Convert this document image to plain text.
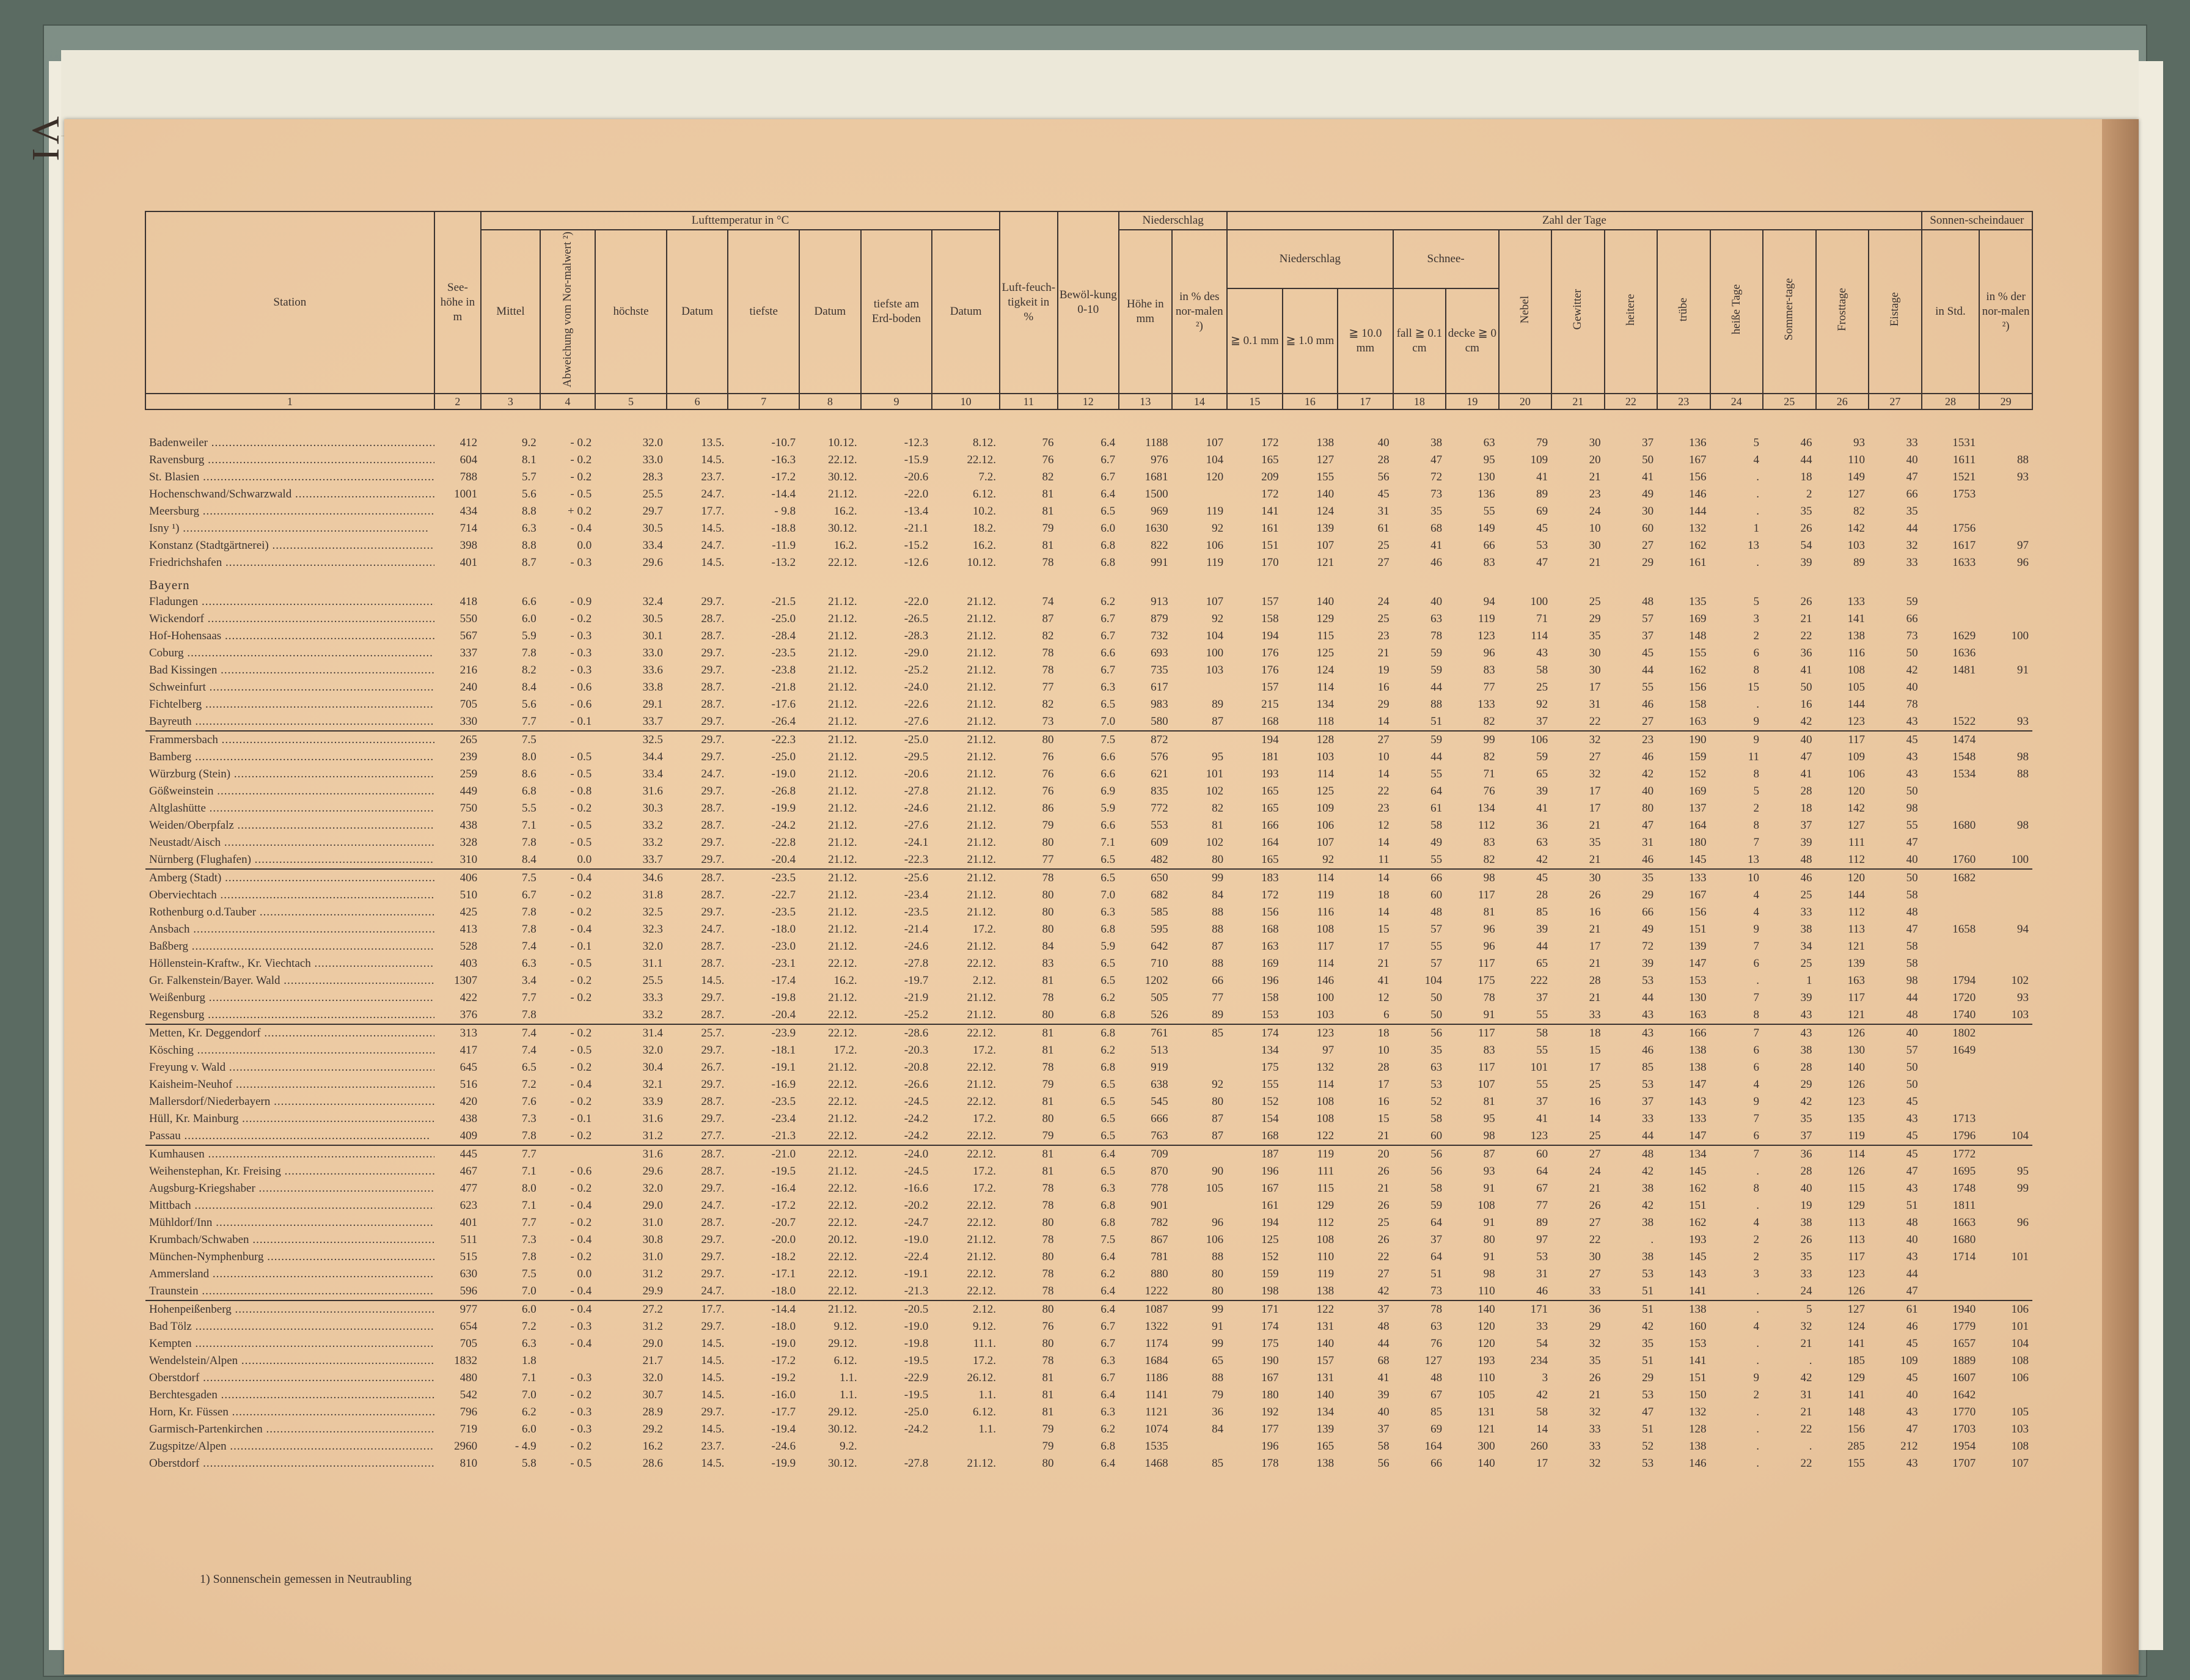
VI
Station	See-höhe in m	Lufttemperatur in °C								Luft-feuch-tigkeit in %	Bewöl-kung 0-10	Niederschlag		Zahl der Tage													Sonnen-scheindauer	
		Mittel	Abweichung vom Nor-malwert ²)	höchste	Datum	tiefste	Datum	tiefste am Erd-boden	Datum			Höhe in mm	in % des nor-malen ²)	Niederschlag			Schnee-		Nebel	Gewitter	heitere	trübe	heiße Tage	Sommer-tage	Frosttage	Eistage	in Std.	in % der nor-malen ²)
														≧ 0.1 mm	≧ 1.0 mm	≧ 10.0 mm	fall ≧ 0.1 cm	decke ≧ 0 cm										
1	2	3	4	5	6	7	8	9	10	11	12	13	14	15	16	17	18	19	20	21	22	23	24	25	26	27	28	29

Badenweiler .....	412	9.2	- 0.2	32.0	13.5.	-10.7	10.12.	-12.3	8.12.	76	6.4	1188	107	172	138	40	38	63	79	30	37	136	5	46	93	33	1531	
Ravensburg .....	604	8.1	- 0.2	33.0	14.5.	-16.3	22.12.	-15.9	22.12.	76	6.7	976	104	165	127	28	47	95	109	20	50	167	4	44	110	40	1611	88
St. Blasien .....	788	5.7	- 0.2	28.3	23.7.	-17.2	30.12.	-20.6	7.2.	82	6.7	1681	120	209	155	56	72	130	41	21	41	156	.	18	149	47	1521	93
Hochenschwand/Schwarzwald .....	1001	5.6	- 0.5	25.5	24.7.	-14.4	21.12.	-22.0	6.12.	81	6.4	1500		172	140	45	73	136	89	23	49	146	.	2	127	66	1753	
Meersburg .....	434	8.8	+ 0.2	29.7	17.7.	- 9.8	16.2.	-13.4	10.2.	81	6.5	969	119	141	124	31	35	55	69	24	30	144	.	35	82	35		
Isny ¹) .....	714	6.3	- 0.4	30.5	14.5.	-18.8	30.12.	-21.1	18.2.	79	6.0	1630	92	161	139	61	68	149	45	10	60	132	1	26	142	44	1756	
Konstanz (Stadtgärtnerei) .....	398	8.8	0.0	33.4	24.7.	-11.9	16.2.	-15.2	16.2.	81	6.8	822	106	151	107	25	41	66	53	30	27	162	13	54	103	32	1617	97
Friedrichshafen .....	401	8.7	- 0.3	29.6	14.5.	-13.2	22.12.	-12.6	10.12.	78	6.8	991	119	170	121	27	46	83	47	21	29	161	.	39	89	33	1633	96
Bayern																												
Fladungen .....	418	6.6	- 0.9	32.4	29.7.	-21.5	21.12.	-22.0	21.12.	74	6.2	913	107	157	140	24	40	94	100	25	48	135	5	26	133	59		
Wickendorf .....	550	6.0	- 0.2	30.5	28.7.	-25.0	21.12.	-26.5	21.12.	87	6.7	879	92	158	129	25	63	119	71	29	57	169	3	21	141	66		
Hof-Hohensaas .....	567	5.9	- 0.3	30.1	28.7.	-28.4	21.12.	-28.3	21.12.	82	6.7	732	104	194	115	23	78	123	114	35	37	148	2	22	138	73	1629	100
Coburg .....	337	7.8	- 0.3	33.0	29.7.	-23.5	21.12.	-29.0	21.12.	78	6.6	693	100	176	125	21	59	96	43	30	45	155	6	36	116	50	1636	
Bad Kissingen .....	216	8.2	- 0.3	33.6	29.7.	-23.8	21.12.	-25.2	21.12.	78	6.7	735	103	176	124	19	59	83	58	30	44	162	8	41	108	42	1481	91
Schweinfurt .....	240	8.4	- 0.6	33.8	28.7.	-21.8	21.12.	-24.0	21.12.	77	6.3	617		157	114	16	44	77	25	17	55	156	15	50	105	40		
Fichtelberg .....	705	5.6	- 0.6	29.1	28.7.	-17.6	21.12.	-22.6	21.12.	82	6.5	983	89	215	134	29	88	133	92	31	46	158	.	16	144	78		
Bayreuth .....	330	7.7	- 0.1	33.7	29.7.	-26.4	21.12.	-27.6	21.12.	73	7.0	580	87	168	118	14	51	82	37	22	27	163	9	42	123	43	1522	93
Frammersbach .....	265	7.5		32.5	29.7.	-22.3	21.12.	-25.0	21.12.	80	7.5	872		194	128	27	59	99	106	32	23	190	9	40	117	45	1474	
Bamberg .....	239	8.0	- 0.5	34.4	29.7.	-25.0	21.12.	-29.5	21.12.	76	6.6	576	95	181	103	10	44	82	59	27	46	159	11	47	109	43	1548	98
Würzburg (Stein) .....	259	8.6	- 0.5	33.4	24.7.	-19.0	21.12.	-20.6	21.12.	76	6.6	621	101	193	114	14	55	71	65	32	42	152	8	41	106	43	1534	88
Gößweinstein .....	449	6.8	- 0.8	31.6	29.7.	-26.8	21.12.	-27.8	21.12.	76	6.9	835	102	165	125	22	64	76	39	17	40	169	5	28	120	50		
Altglashütte .....	750	5.5	- 0.2	30.3	28.7.	-19.9	21.12.	-24.6	21.12.	86	5.9	772	82	165	109	23	61	134	41	17	80	137	2	18	142	98		
Weiden/Oberpfalz .....	438	7.1	- 0.5	33.2	28.7.	-24.2	21.12.	-27.6	21.12.	79	6.6	553	81	166	106	12	58	112	36	21	47	164	8	37	127	55	1680	98
Neustadt/Aisch .....	328	7.8	- 0.5	33.2	29.7.	-22.8	21.12.	-24.1	21.12.	80	7.1	609	102	164	107	14	49	83	63	35	31	180	7	39	111	47		
Nürnberg (Flughafen) .....	310	8.4	0.0	33.7	29.7.	-20.4	21.12.	-22.3	21.12.	77	6.5	482	80	165	92	11	55	82	42	21	46	145	13	48	112	40	1760	100
Amberg (Stadt) .....	406	7.5	- 0.4	34.6	28.7.	-23.5	21.12.	-25.6	21.12.	78	6.5	650	99	183	114	14	66	98	45	30	35	133	10	46	120	50	1682	
Oberviechtach .....	510	6.7	- 0.2	31.8	28.7.	-22.7	21.12.	-23.4	21.12.	80	7.0	682	84	172	119	18	60	117	28	26	29	167	4	25	144	58		
Rothenburg o.d.Tauber .....	425	7.8	- 0.2	32.5	29.7.	-23.5	21.12.	-23.5	21.12.	80	6.3	585	88	156	116	14	48	81	85	16	66	156	4	33	112	48		
Ansbach .....	413	7.8	- 0.4	32.3	24.7.	-18.0	21.12.	-21.4	17.2.	80	6.8	595	88	168	108	15	57	96	39	21	49	151	9	38	113	47	1658	94
Baßberg .....	528	7.4	- 0.1	32.0	28.7.	-23.0	21.12.	-24.6	21.12.	84	5.9	642	87	163	117	17	55	96	44	17	72	139	7	34	121	58		
Höllenstein-Kraftw., Kr. Viechtach .....	403	6.3	- 0.5	31.1	28.7.	-23.1	22.12.	-27.8	22.12.	83	6.5	710	88	169	114	21	57	117	65	21	39	147	6	25	139	58		
Gr. Falkenstein/Bayer. Wald .....	1307	3.4	- 0.2	25.5	14.5.	-17.4	16.2.	-19.7	2.12.	81	6.5	1202	66	196	146	41	104	175	222	28	53	153	.	1	163	98	1794	102
Weißenburg .....	422	7.7	- 0.2	33.3	29.7.	-19.8	21.12.	-21.9	21.12.	78	6.2	505	77	158	100	12	50	78	37	21	44	130	7	39	117	44	1720	93
Regensburg .....	376	7.8		33.2	28.7.	-20.4	22.12.	-25.2	21.12.	80	6.8	526	89	153	103	6	50	91	55	33	43	163	8	43	121	48	1740	103
Metten, Kr. Deggendorf .....	313	7.4	- 0.2	31.4	25.7.	-23.9	22.12.	-28.6	22.12.	81	6.8	761	85	174	123	18	56	117	58	18	43	166	7	43	126	40	1802	
Kösching .....	417	7.4	- 0.5	32.0	29.7.	-18.1	17.2.	-20.3	17.2.	81	6.2	513		134	97	10	35	83	55	15	46	138	6	38	130	57	1649	
Freyung v. Wald .....	645	6.5	- 0.2	30.4	26.7.	-19.1	21.12.	-20.8	22.12.	78	6.8	919		175	132	28	63	117	101	17	85	138	6	28	140	50		
Kaisheim-Neuhof .....	516	7.2	- 0.4	32.1	29.7.	-16.9	22.12.	-26.6	21.12.	79	6.5	638	92	155	114	17	53	107	55	25	53	147	4	29	126	50		
Mallersdorf/Niederbayern .....	420	7.6	- 0.2	33.9	28.7.	-23.5	22.12.	-24.5	22.12.	81	6.5	545	80	152	108	16	52	81	37	16	37	143	9	42	123	45		
Hüll, Kr. Mainburg .....	438	7.3	- 0.1	31.6	29.7.	-23.4	21.12.	-24.2	17.2.	80	6.5	666	87	154	108	15	58	95	41	14	33	133	7	35	135	43	1713	
Passau .....	409	7.8	- 0.2	31.2	27.7.	-21.3	22.12.	-24.2	22.12.	79	6.5	763	87	168	122	21	60	98	123	25	44	147	6	37	119	45	1796	104
Kumhausen .....	445	7.7		31.6	28.7.	-21.0	22.12.	-24.0	22.12.	81	6.4	709		187	119	20	56	87	60	27	48	134	7	36	114	45	1772	
Weihenstephan, Kr. Freising .....	467	7.1	- 0.6	29.6	28.7.	-19.5	21.12.	-24.5	17.2.	81	6.5	870	90	196	111	26	56	93	64	24	42	145	.	28	126	47	1695	95
Augsburg-Kriegshaber .....	477	8.0	- 0.2	32.0	29.7.	-16.4	22.12.	-16.6	17.2.	78	6.3	778	105	167	115	21	58	91	67	21	38	162	8	40	115	43	1748	99
Mittbach .....	623	7.1	- 0.4	29.0	24.7.	-17.2	22.12.	-20.2	22.12.	78	6.8	901		161	129	26	59	108	77	26	42	151	.	19	129	51	1811	
Mühldorf/Inn .....	401	7.7	- 0.2	31.0	28.7.	-20.7	22.12.	-24.7	22.12.	80	6.8	782	96	194	112	25	64	91	89	27	38	162	4	38	113	48	1663	96
Krumbach/Schwaben .....	511	7.3	- 0.4	30.8	29.7.	-20.0	20.12.	-19.0	21.12.	78	7.5	867	106	125	108	26	37	80	97	22	.	193	2	26	113	40	1680	
München-Nymphenburg .....	515	7.8	- 0.2	31.0	29.7.	-18.2	22.12.	-22.4	21.12.	80	6.4	781	88	152	110	22	64	91	53	30	38	145	2	35	117	43	1714	101
Ammersland .....	630	7.5	0.0	31.2	29.7.	-17.1	22.12.	-19.1	22.12.	78	6.2	880	80	159	119	27	51	98	31	27	53	143	3	33	123	44		
Traunstein .....	596	7.0	- 0.4	29.9	24.7.	-18.0	22.12.	-21.3	22.12.	78	6.4	1222	80	198	138	42	73	110	46	33	51	141	.	24	126	47		
Hohenpeißenberg .....	977	6.0	- 0.4	27.2	17.7.	-14.4	21.12.	-20.5	2.12.	80	6.4	1087	99	171	122	37	78	140	171	36	51	138	.	5	127	61	1940	106
Bad Tölz .....	654	7.2	- 0.3	31.2	29.7.	-18.0	9.12.	-19.0	9.12.	76	6.7	1322	91	174	131	48	63	120	33	29	42	160	4	32	124	46	1779	101
Kempten .....	705	6.3	- 0.4	29.0	14.5.	-19.0	29.12.	-19.8	11.1.	80	6.7	1174	99	175	140	44	76	120	54	32	35	153	.	21	141	45	1657	104
Wendelstein/Alpen .....	1832	1.8		21.7	14.5.	-17.2	6.12.	-19.5	17.2.	78	6.3	1684	65	190	157	68	127	193	234	35	51	141	.	.	185	109	1889	108
Oberstdorf .....	480	7.1	- 0.3	32.0	14.5.	-19.2	1.1.	-22.9	26.12.	81	6.7	1186	88	167	131	41	48	110	3	26	29	151	9	42	129	45	1607	106
Berchtesgaden .....	542	7.0	- 0.2	30.7	14.5.	-16.0	1.1.	-19.5	1.1.	81	6.4	1141	79	180	140	39	67	105	42	21	53	150	2	31	141	40	1642	
Horn, Kr. Füssen .....	796	6.2	- 0.3	28.9	29.7.	-17.7	29.12.	-25.0	6.12.	81	6.3	1121	36	192	134	40	85	131	58	32	47	132	.	21	148	43	1770	105
Garmisch-Partenkirchen .....	719	6.0	- 0.3	29.2	14.5.	-19.4	30.12.	-24.2	1.1.	79	6.2	1074	84	177	139	37	69	121	14	33	51	128	.	22	156	47	1703	103
Zugspitze/Alpen .....	2960	- 4.9	- 0.2	16.2	23.7.	-24.6	9.2.			79	6.8	1535		196	165	58	164	300	260	33	52	138	.	.	285	212	1954	108
Oberstdorf .....	810	5.8	- 0.5	28.6	14.5.	-19.9	30.12.	-27.8	21.12.	80	6.4	1468	85	178	138	56	66	140	17	32	53	146	.	22	155	43	1707	107
1) Sonnenschein gemessen in Neutraubling
